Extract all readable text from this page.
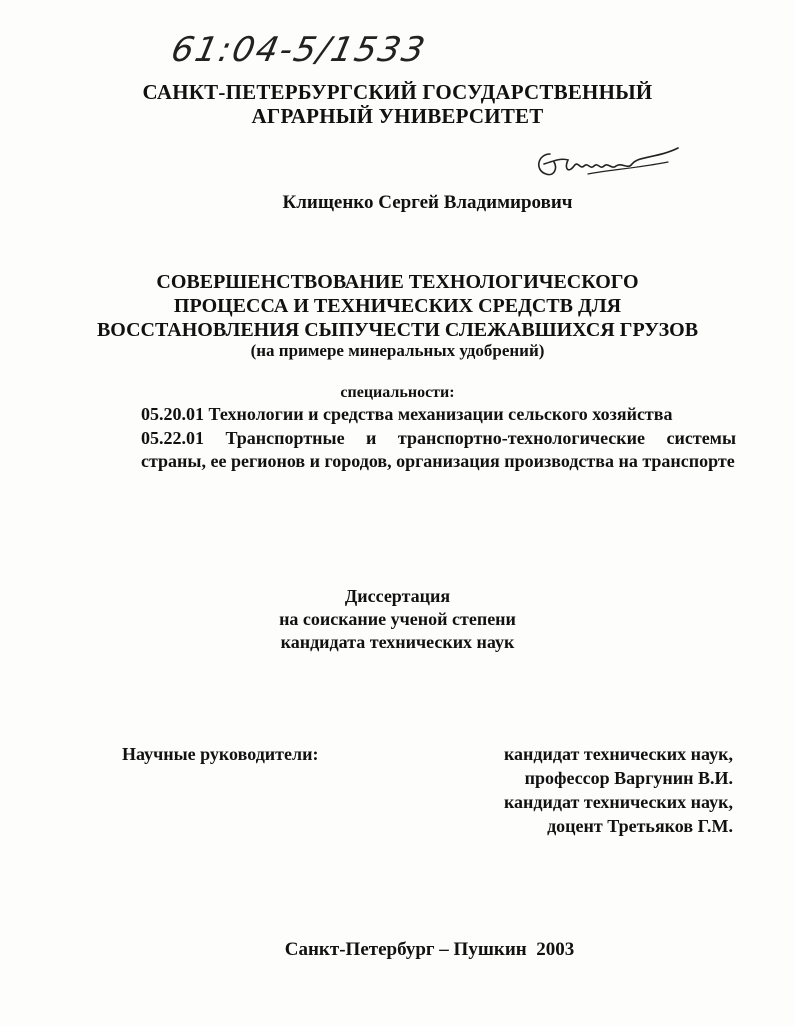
61:04-5/1533
САНКТ-ПЕТЕРБУРГСКИЙ ГОСУДАРСТВЕННЫЙ
АГРАРНЫЙ УНИВЕРСИТЕТ
Клищенко Сергей Владимирович
СОВЕРШЕНСТВОВАНИЕ ТЕХНОЛОГИЧЕСКОГО
ПРОЦЕССА И ТЕХНИЧЕСКИХ СРЕДСТВ ДЛЯ
ВОССТАНОВЛЕНИЯ СЫПУЧЕСТИ СЛЕЖАВШИХСЯ ГРУЗОВ
(на примере минеральных удобрений)
специальности:
05.20.01 Технологии и средства механизации сельского хозяйства
05.22.01 Транспортные и транспортно-технологические системы страны, ее регионов и городов, организация производства на транспорте
Диссертация
на соискание ученой степени
кандидата технических наук
Научные руководители:	кандидат технических наук,
профессор Варгунин В.И.
кандидат технических наук,
доцент Третьяков Г.М.
Санкт-Петербург – Пушкин  2003
